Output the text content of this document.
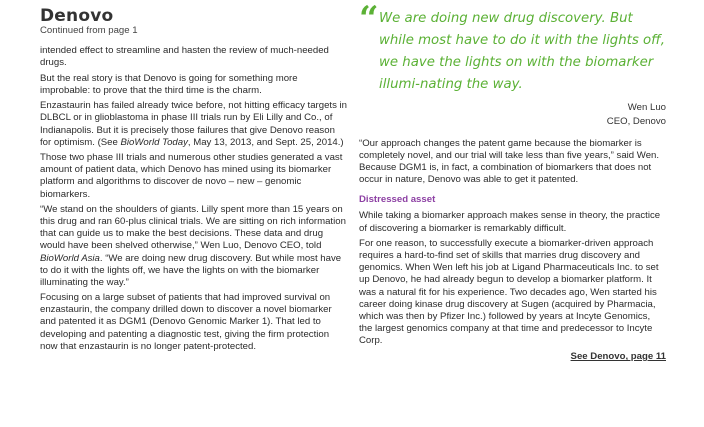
Denovo
Continued from page 1

intended effect to streamline and hasten the review of much-needed drugs.

But the real story is that Denovo is going for something more improbable: to prove that the third time is the charm.

Enzastaurin has failed already twice before, not hitting efficacy targets in DLBCL or in glioblastoma in phase III trials run by Eli Lilly and Co., of Indianapolis. But it is precisely those failures that give Denovo reason for optimism. (See BioWorld Today, May 13, 2013, and Sept. 25, 2014.)

Those two phase III trials and numerous other studies generated a vast amount of patient data, which Denovo has mined using its biomarker platform and algorithms to discover de novo – new – genomic biomarkers.

“We stand on the shoulders of giants. Lilly spent more than 15 years on this drug and ran 60-plus clinical trials. We are sitting on rich information that can guide us to make the best decisions. These data and drug would have been shelved otherwise,” Wen Luo, Denovo CEO, told BioWorld Asia. “We are doing new drug discovery. But while most have to do it with the lights off, we have the lights on with the biomarker illuminating the way.”

Focusing on a large subset of patients that had improved survival on enzastaurin, the company drilled down to discover a novel biomarker and patented it as DGM1 (Denovo Genomic Marker 1). That led to developing and patenting a diagnostic test, giving the firm protection now that enzastaurin is no longer patent-protected.

“ We are doing new drug discovery. But while most have to do it with the lights off, we have the lights on with the biomarker illumi-nating the way.
Wen Luo
CEO, Denovo

“Our approach changes the patent game because the biomarker is completely novel, and our trial will take less than five years,” said Wen. Because DGM1 is, in fact, a combination of biomarkers that does not occur in nature, Denovo was able to get it patented.

Distressed asset

While taking a biomarker approach makes sense in theory, the practice of discovering a biomarker is remarkably difficult.

For one reason, to successfully execute a biomarker-driven approach requires a hard-to-find set of skills that marries drug discovery and genomics. When Wen left his job at Ligand Pharmaceuticals Inc. to set up Denovo, he had already begun to develop a biomarker platform. It was a natural fit for his experience. Two decades ago, Wen started his career doing kinase drug discovery at Sugen (acquired by Pharmacia, which was then by Pfizer Inc.) followed by years at Incyte Genomics, the largest genomics company at that time and predecessor to Incyte Corp.

See Denovo, page 11
